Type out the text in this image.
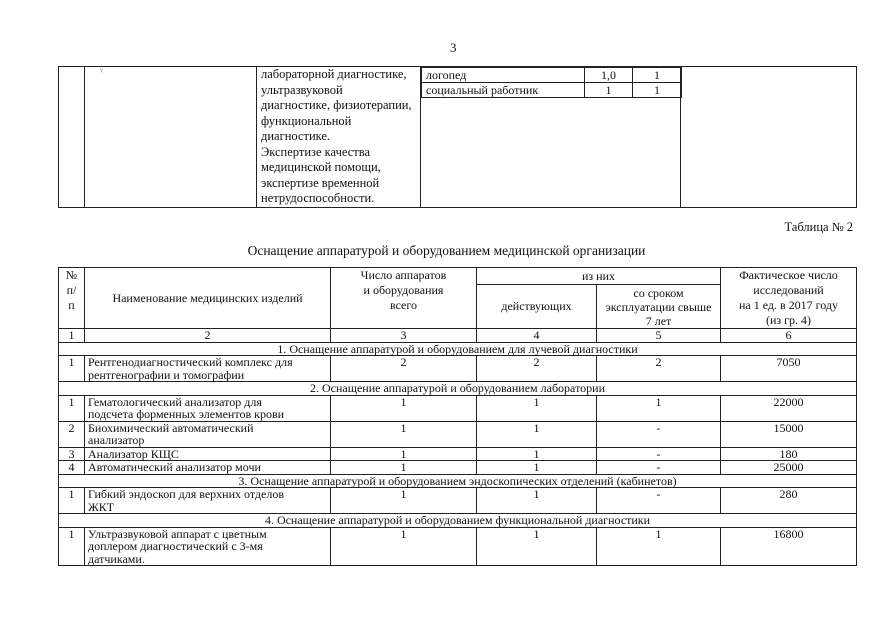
3
ᵞ
			лабораторной диагностике,
ультразвуковой
диагностике, физиотерапии,
функциональной
диагностике.
Экспертизе качества
медицинской помощи,
экспертизе временной
нетрудоспособности.

логопед	1,0	1
социальный работник	1	1

Таблица № 2
Оснащение аппаратурой и оборудованием медицинской организации
№
п/
п	Наименование медицинских изделий	Число аппаратов
и оборудования
всего	из них		Фактическое число
исследований
на 1 ед. в 2017 году
(из гр. 4)
			действующих	со сроком
эксплуатации свыше
7 лет	
1	2	3	4	5	6
1. Оснащение аппаратурой и оборудованием для лучевой диагностики					
1	Рентгенодиагностический комплекс для
рентгенографии и томографии	2	2	2	7050
2. Оснащение аппаратурой и оборудованием лаборатории					
1	Гематологический анализатор для
подсчета форменных элементов крови	1	1	1	22000
2	Биохимический автоматический
анализатор	1	1	-	15000
3	Анализатор КЩС	1	1	-	180
4	Автоматический анализатор мочи	1	1	-	25000
3. Оснащение аппаратурой и оборудованием эндоскопических отделений (кабинетов)					
1	Гибкий эндоскоп для верхних отделов
ЖКТ	1	1	-	280
4. Оснащение аппаратурой и оборудованием функциональной диагностики					
1	Ультразвуковой аппарат с цветным
доплером диагностический с 3-мя
датчиками.	1	1	1	16800
